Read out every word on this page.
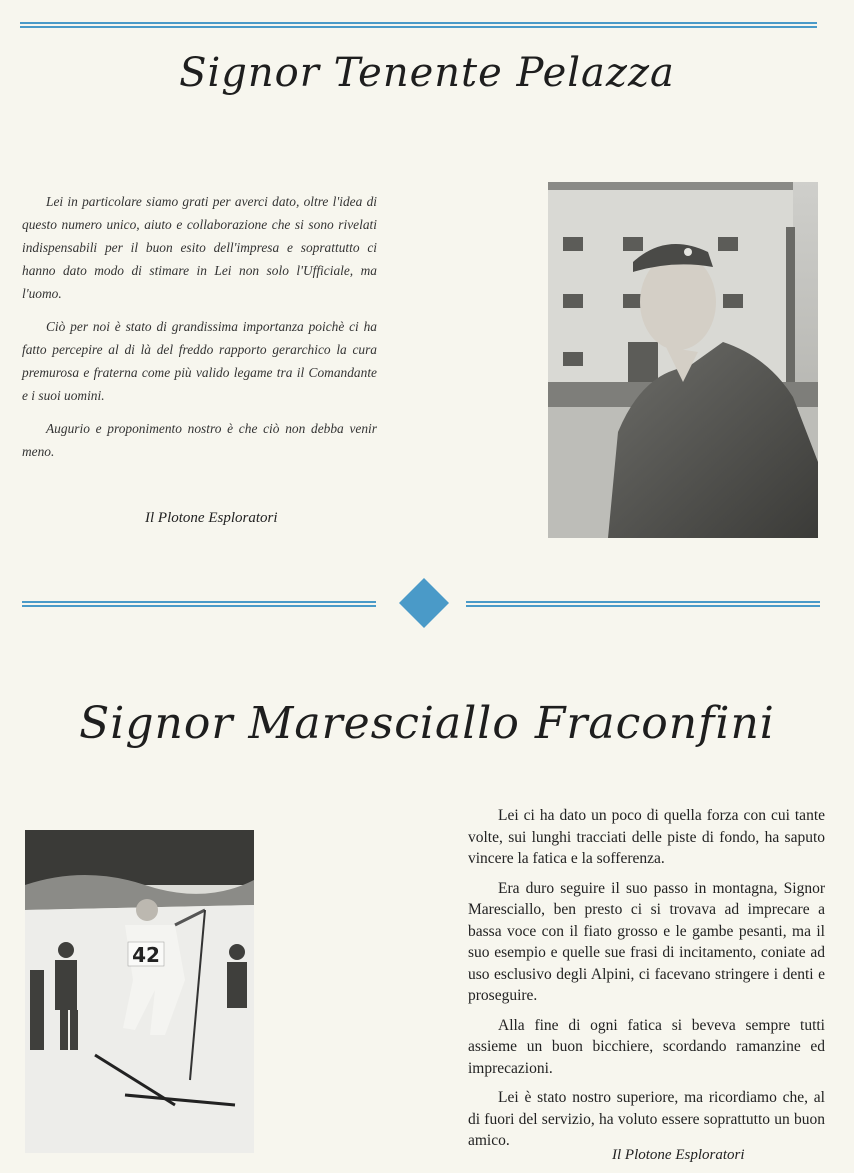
Signor Tenente Pelazza

Lei in particolare siamo grati per averci dato, oltre l'idea di questo numero unico, aiuto e collaborazione che si sono rivelati indispensabili per il buon esito dell'impresa e soprattutto ci hanno dato modo di stimare in Lei non solo l'Ufficiale, ma l'uomo.

Ciò per noi è stato di grandissima importanza poichè ci ha fatto percepire al di là del freddo rapporto gerarchico la cura premurosa e fraterna come più valido legame tra il Comandante e i suoi uomini.

Augurio e proponimento nostro è che ciò non debba venir meno.

Il Plotone Esploratori
Signor Maresciallo Fraconfini
42

Lei ci ha dato un poco di quella forza con cui tante volte, sui lunghi tracciati delle piste di fondo, ha saputo vincere la fatica e la sofferenza.

Era duro seguire il suo passo in montagna, Signor Maresciallo, ben presto ci si trovava ad imprecare a bassa voce con il fiato grosso e le gambe pesanti, ma il suo esempio e quelle sue frasi di incitamento, coniate ad uso esclusivo degli Alpini, ci facevano stringere i denti e proseguire.

Alla fine di ogni fatica si beveva sempre tutti assieme un buon bicchiere, scordando ramanzine ed imprecazioni.

Lei è stato nostro superiore, ma ricordiamo che, al di fuori del servizio, ha voluto essere soprattutto un buon amico.

Il Plotone Esploratori
